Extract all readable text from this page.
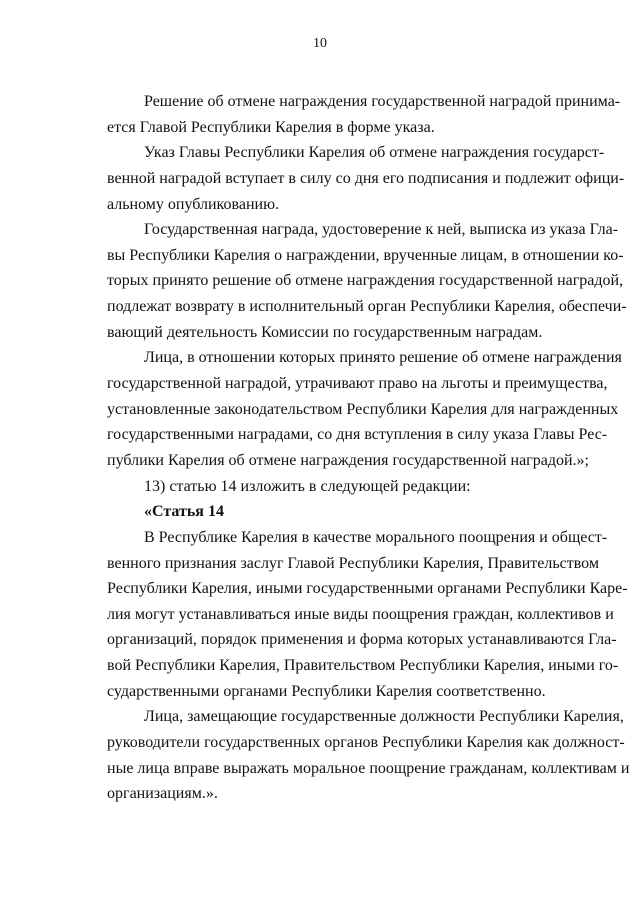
10
Решение об отмене награждения государственной наградой принима-
ется Главой Республики Карелия в форме указа.
Указ Главы Республики Карелия об отмене награждения государст-
венной наградой вступает в силу со дня его подписания и подлежит офици-
альному опубликованию.
Государственная награда, удостоверение к ней, выписка из указа Гла-
вы Республики Карелия о награждении, врученные лицам, в отношении ко-
торых принято решение об отмене награждения государственной наградой,
подлежат возврату в исполнительный орган Республики Карелия, обеспечи-
вающий деятельность Комиссии по государственным наградам.
Лица, в отношении которых принято решение об отмене награждения
государственной наградой, утрачивают право на льготы и преимущества,
установленные законодательством Республики Карелия для награжденных
государственными наградами, со дня вступления в силу указа Главы Рес-
публики Карелия об отмене награждения государственной наградой.»;
13) статью 14 изложить в следующей редакции:
«Статья 14
В Республике Карелия в качестве морального поощрения и общест-
венного признания заслуг Главой Республики Карелия, Правительством
Республики Карелия, иными государственными органами Республики Каре-
лия могут устанавливаться иные виды поощрения граждан, коллективов и
организаций, порядок применения и форма которых устанавливаются Гла-
вой Республики Карелия, Правительством Республики Карелия, иными го-
сударственными органами Республики Карелия соответственно.
Лица, замещающие государственные должности Республики Карелия,
руководители государственных органов Республики Карелия как должност-
ные лица вправе выражать моральное поощрение гражданам, коллективам и
организациям.».
